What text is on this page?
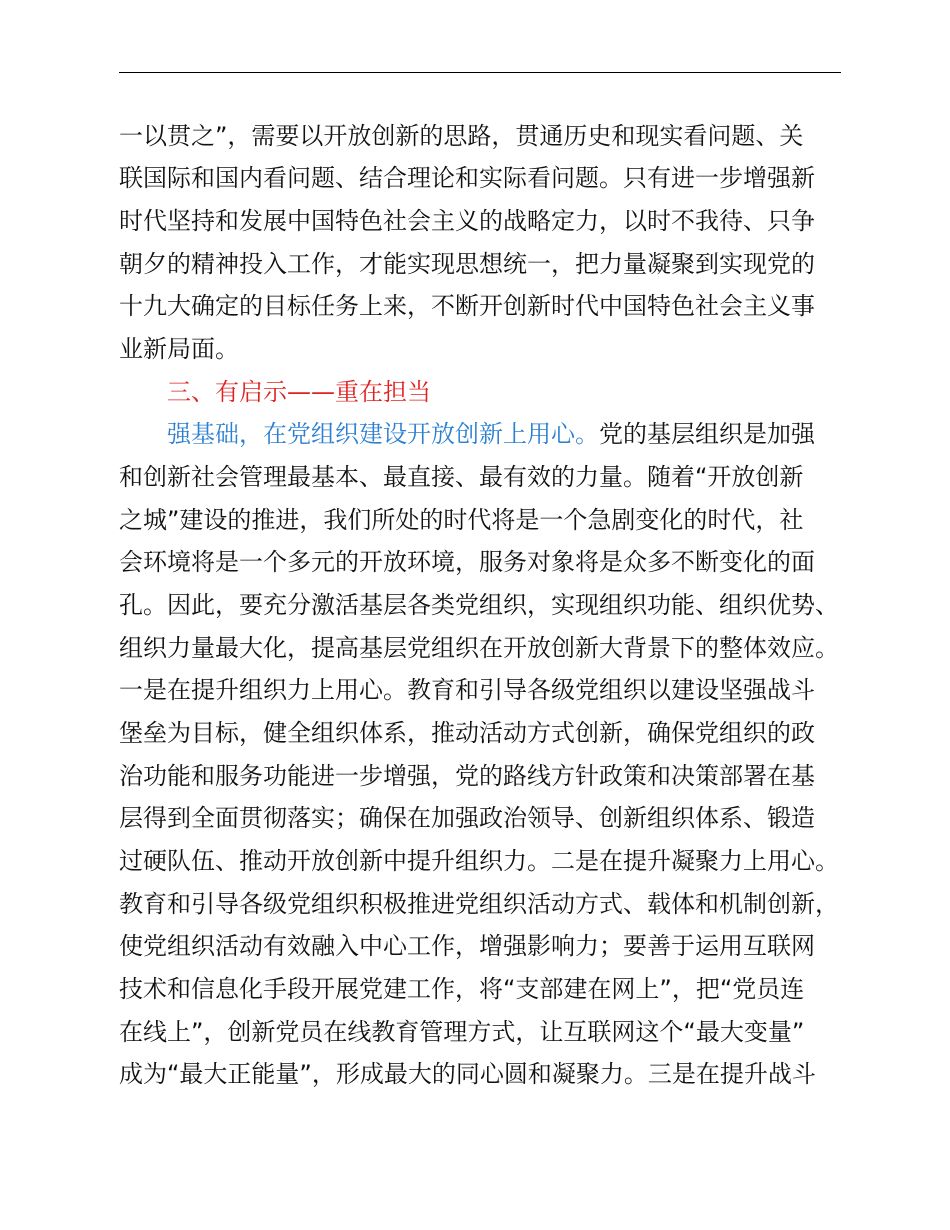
一以贯之”，需要以开放创新的思路，贯通历史和现实看问题、关
联国际和国内看问题、结合理论和实际看问题。只有进一步增强新
时代坚持和发展中国特色社会主义的战略定力，以时不我待、只争
朝夕的精神投入工作，才能实现思想统一，把力量凝聚到实现党的
十九大确定的目标任务上来，不断开创新时代中国特色社会主义事
业新局面。
三、有启示——重在担当
强基础，在党组织建设开放创新上用心。党的基层组织是加强
和创新社会管理最基本、最直接、最有效的力量。随着“开放创新
之城”建设的推进，我们所处的时代将是一个急剧变化的时代，社
会环境将是一个多元的开放环境，服务对象将是众多不断变化的面
孔。因此，要充分激活基层各类党组织，实现组织功能、组织优势、
组织力量最大化，提高基层党组织在开放创新大背景下的整体效应。
一是在提升组织力上用心。教育和引导各级党组织以建设坚强战斗
堡垒为目标，健全组织体系，推动活动方式创新，确保党组织的政
治功能和服务功能进一步增强，党的路线方针政策和决策部署在基
层得到全面贯彻落实；确保在加强政治领导、创新组织体系、锻造
过硬队伍、推动开放创新中提升组织力。二是在提升凝聚力上用心。
教育和引导各级党组织积极推进党组织活动方式、载体和机制创新，
使党组织活动有效融入中心工作，增强影响力；要善于运用互联网
技术和信息化手段开展党建工作，将“支部建在网上”，把“党员连
在线上”，创新党员在线教育管理方式，让互联网这个“最大变量”
成为“最大正能量”，形成最大的同心圆和凝聚力。三是在提升战斗
